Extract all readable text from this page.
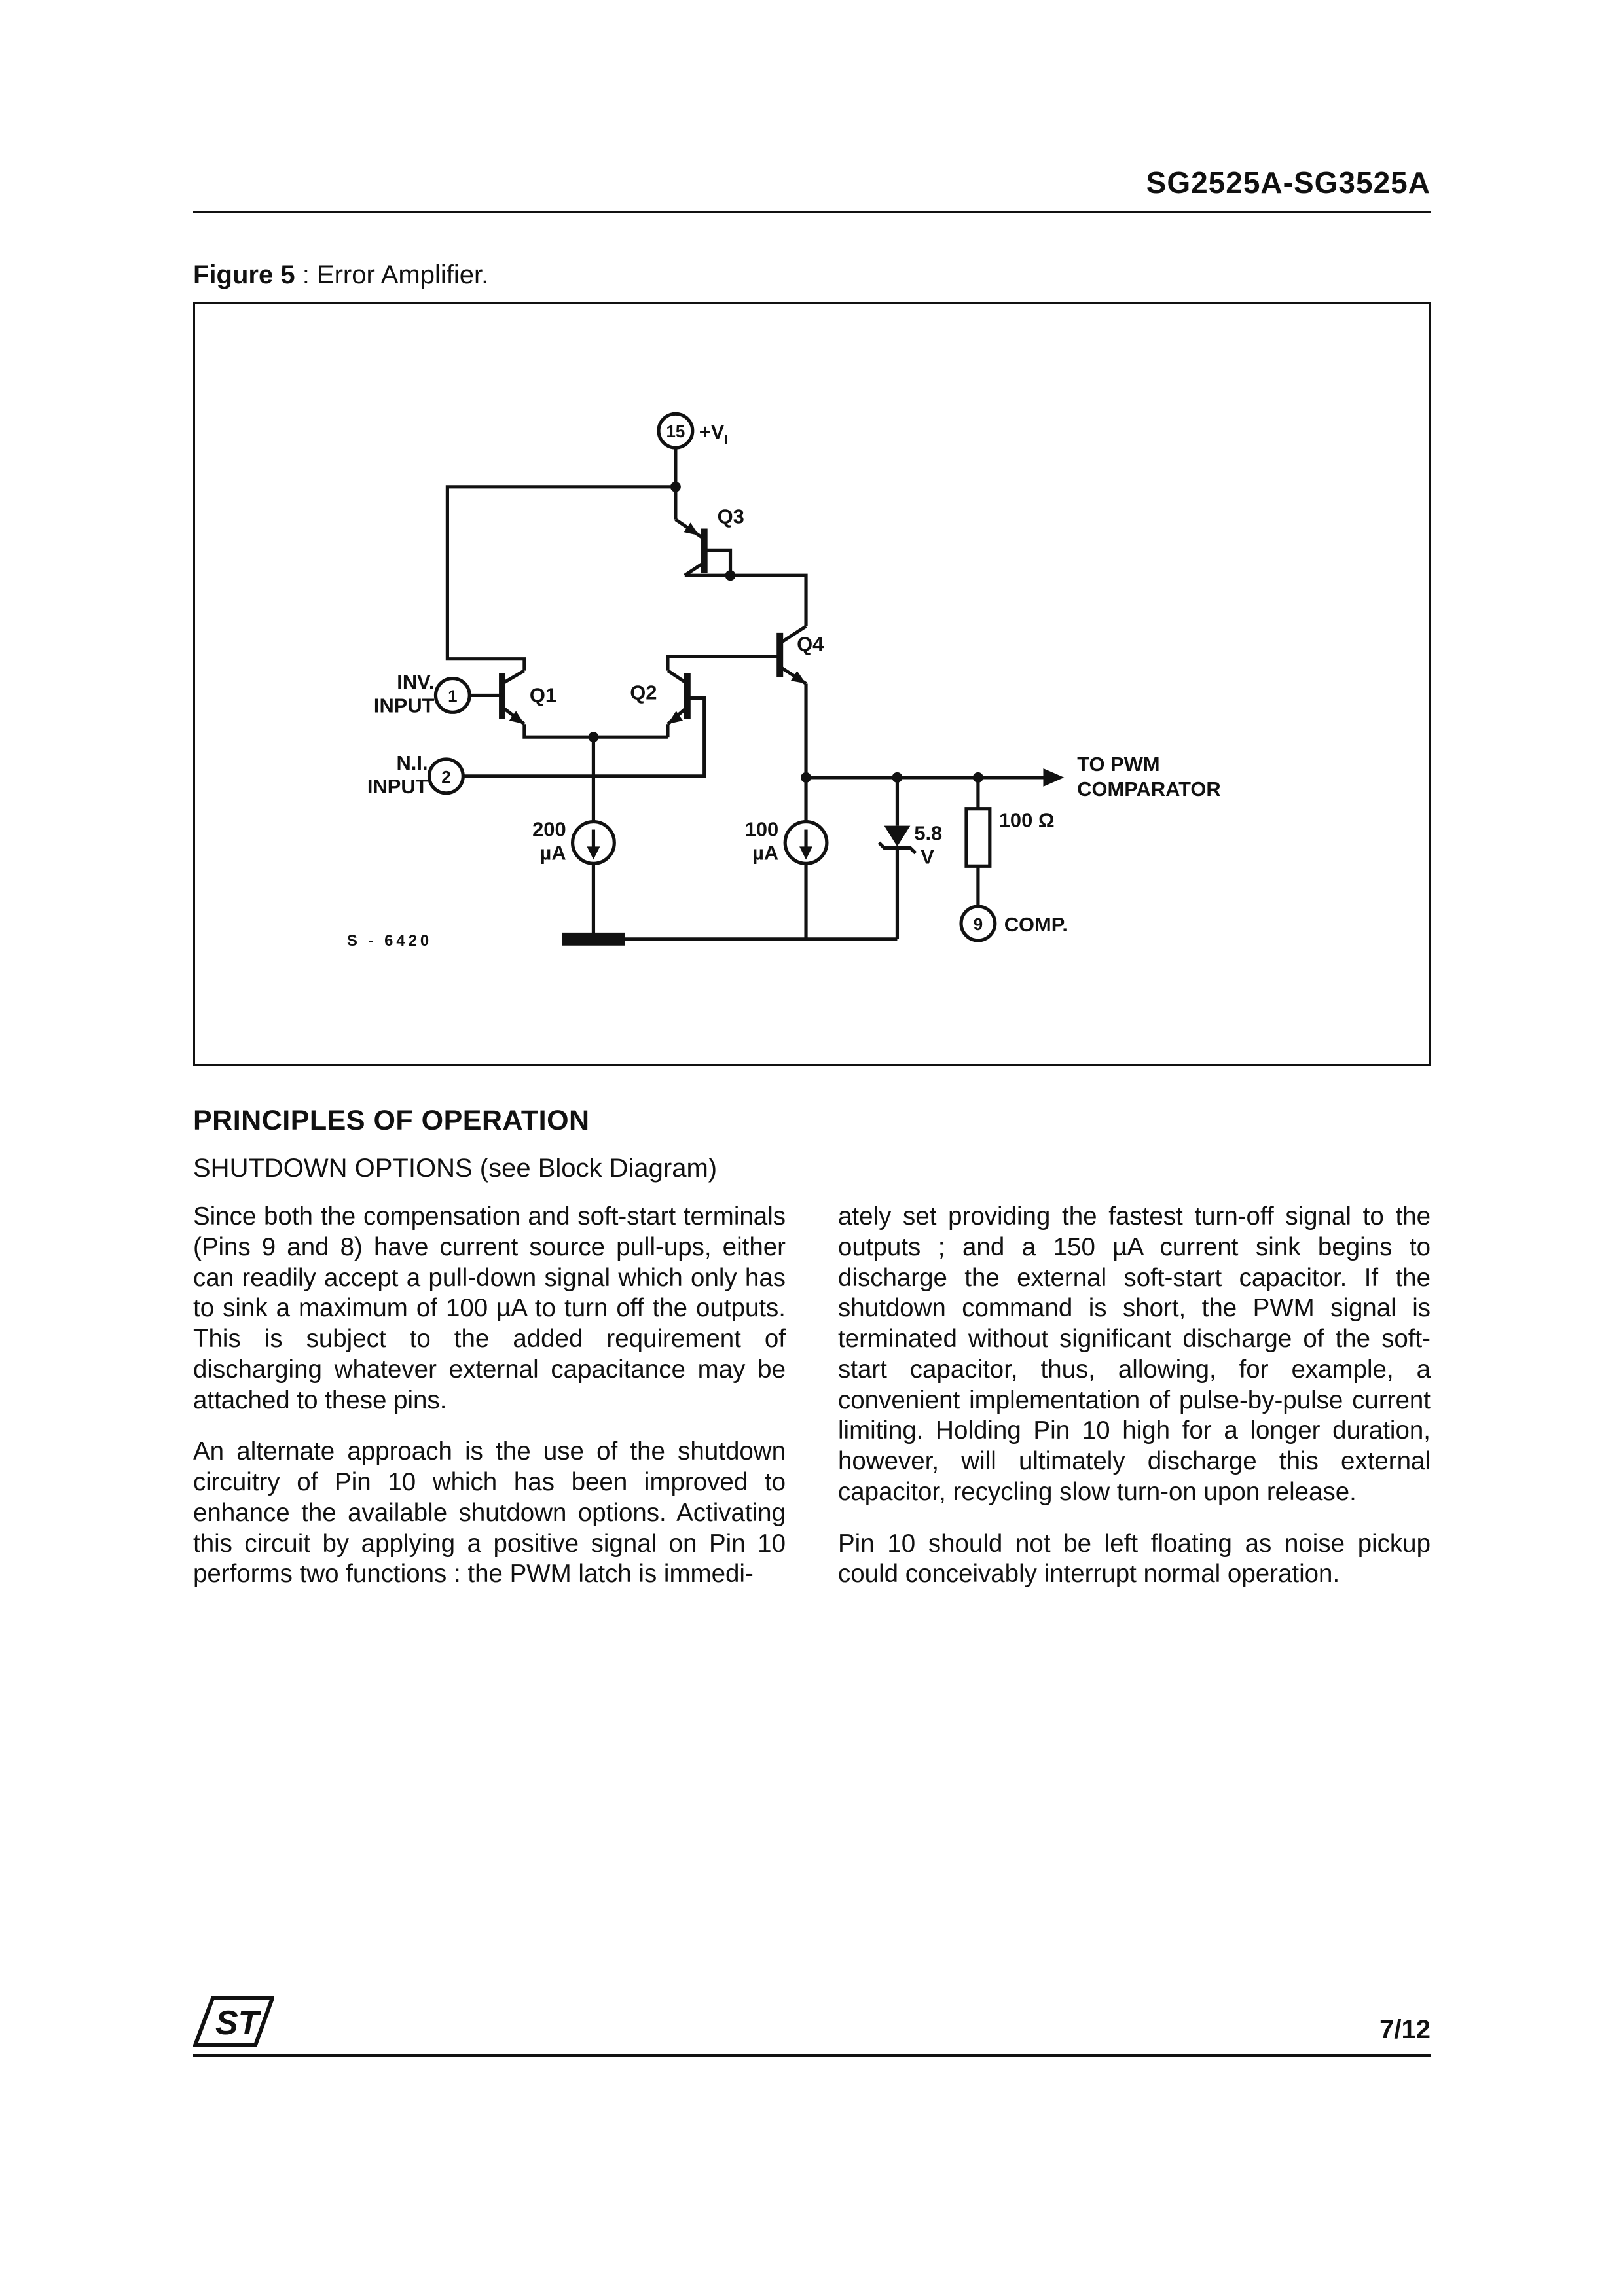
SG2525A-SG3525A
Figure 5 : Error Amplifier.
$15 +V_I$
Q3
Q4
Q1	Q2
INV.
INPUT 1
N.I.
INPUT 2
200
µA
100
µA
5.8
V
100 Ω
TO PWM
COMPARATOR
9 COMP.
S - 6420
PRINCIPLES OF OPERATION
SHUTDOWN OPTIONS (see Block Diagram)

Since both the compensation and soft-start terminals (Pins 9 and 8) have current source pull-ups, either can readily accept a pull-down signal which only has to sink a maximum of 100 µA to turn off the outputs. This is subject to the added requirement of discharging whatever external capacitance may be attached to these pins.

An alternate approach is the use of the shutdown circuitry of Pin 10 which has been improved to enhance the available shutdown options. Activating this circuit by applying a positive signal on Pin 10 performs two functions : the PWM latch is immedi-

ately set providing the fastest turn-off signal to the outputs ; and a 150 µA current sink begins to discharge the external soft-start capacitor. If the shutdown command is short, the PWM signal is terminated without significant discharge of the soft-start capacitor, thus, allowing, for example, a convenient implementation of pulse-by-pulse current limiting. Holding Pin 10 high for a longer duration, however, will ultimately discharge this external capacitor, recycling slow turn-on upon release.

Pin 10 should not be left floating as noise pickup could conceivably interrupt normal operation.

ST	7/12
